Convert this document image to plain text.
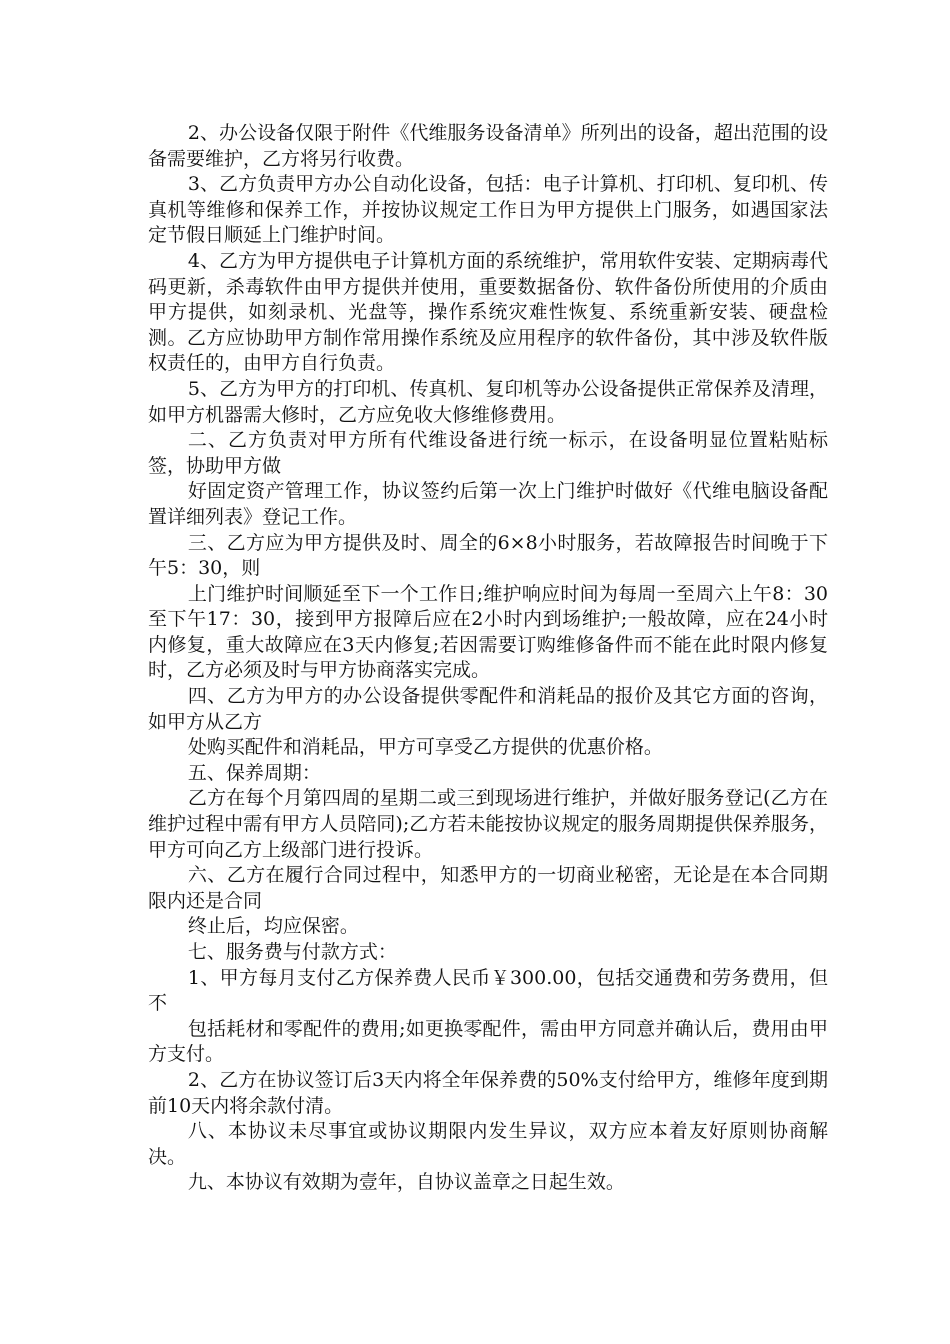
2、办公设备仅限于附件《代维服务设备清单》所列出的设备，超出范围的设备需要维护，乙方将另行收费。

3、乙方负责甲方办公自动化设备，包括：电子计算机、打印机、复印机、传真机等维修和保养工作，并按协议规定工作日为甲方提供上门服务，如遇国家法定节假日顺延上门维护时间。

4、乙方为甲方提供电子计算机方面的系统维护，常用软件安装、定期病毒代码更新，杀毒软件由甲方提供并使用，重要数据备份、软件备份所使用的介质由甲方提供，如刻录机、光盘等，操作系统灾难性恢复、系统重新安装、硬盘检测。乙方应协助甲方制作常用操作系统及应用程序的软件备份，其中涉及软件版权责任的，由甲方自行负责。

5、乙方为甲方的打印机、传真机、复印机等办公设备提供正常保养及清理，如甲方机器需大修时，乙方应免收大修维修费用。

二、乙方负责对甲方所有代维设备进行统一标示，在设备明显位置粘贴标签，协助甲方做

好固定资产管理工作，协议签约后第一次上门维护时做好《代维电脑设备配置详细列表》登记工作。

三、乙方应为甲方提供及时、周全的6×8小时服务，若故障报告时间晚于下午5：30，则

上门维护时间顺延至下一个工作日;维护响应时间为每周一至周六上午8：30至下午17：30，接到甲方报障后应在2小时内到场维护;一般故障，应在24小时内修复，重大故障应在3天内修复;若因需要订购维修备件而不能在此时限内修复时，乙方必须及时与甲方协商落实完成。

四、乙方为甲方的办公设备提供零配件和消耗品的报价及其它方面的咨询，如甲方从乙方

处购买配件和消耗品，甲方可享受乙方提供的优惠价格。

五、保养周期：

乙方在每个月第四周的星期二或三到现场进行维护，并做好服务登记(乙方在维护过程中需有甲方人员陪同);乙方若未能按协议规定的服务周期提供保养服务，甲方可向乙方上级部门进行投诉。

六、乙方在履行合同过程中，知悉甲方的一切商业秘密，无论是在本合同期限内还是合同

终止后，均应保密。

七、服务费与付款方式：

1、甲方每月支付乙方保养费人民币￥300.00，包括交通费和劳务费用，但不

包括耗材和零配件的费用;如更换零配件，需由甲方同意并确认后，费用由甲方支付。

2、乙方在协议签订后3天内将全年保养费的50%支付给甲方，维修年度到期前10天内将余款付清。

八、本协议未尽事宜或协议期限内发生异议，双方应本着友好原则协商解决。

九、本协议有效期为壹年，自协议盖章之日起生效。
